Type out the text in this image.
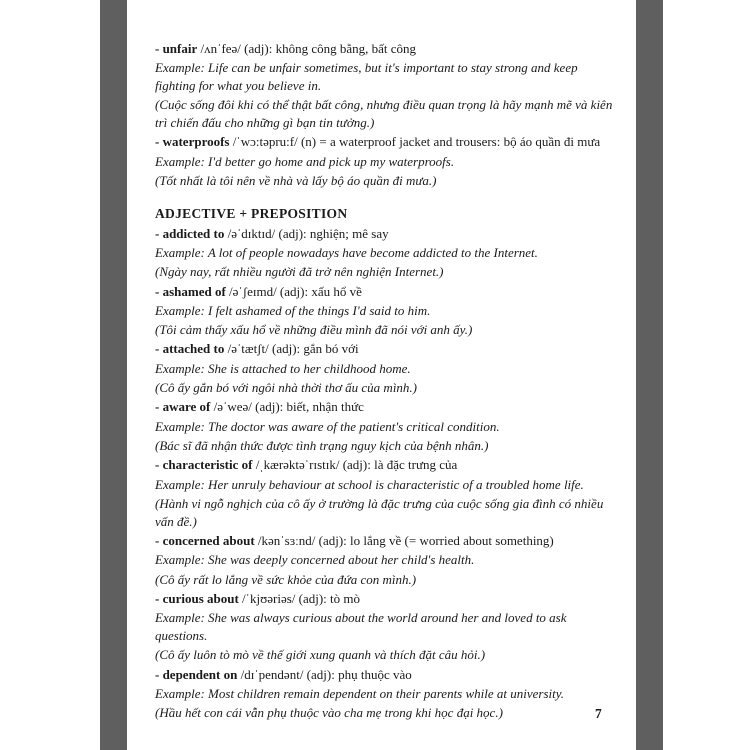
- unfair /ʌnˈfeə/ (adj): không công bằng, bất công
Example: Life can be unfair sometimes, but it's important to stay strong and keep fighting for what you believe in.
(Cuộc sống đôi khi có thể thật bất công, nhưng điều quan trọng là hãy mạnh mẽ và kiên trì chiến đấu cho những gì bạn tin tưởng.)
- waterproofs /ˈwɔ:təpru:f/ (n) = a waterproof jacket and trousers: bộ áo quần đi mưa
Example: I'd better go home and pick up my waterproofs.
(Tốt nhất là tôi nên về nhà và lấy bộ áo quần đi mưa.)
ADJECTIVE + PREPOSITION
- addicted to /əˈdɪktɪd/ (adj): nghiện; mê say
Example: A lot of people nowadays have become addicted to the Internet.
(Ngày nay, rất nhiều người đã trở nên nghiện Internet.)
- ashamed of /əˈʃeɪmd/ (adj): xấu hổ về
Example: I felt ashamed of the things I'd said to him.
(Tôi cảm thấy xấu hổ về những điều mình đã nói với anh ấy.)
- attached to /əˈtætʃt/ (adj): gắn bó với
Example: She is attached to her childhood home.
(Cô ấy gắn bó với ngôi nhà thời thơ ấu của mình.)
- aware of /əˈweə/ (adj): biết, nhận thức
Example: The doctor was aware of the patient's critical condition.
(Bác sĩ đã nhận thức được tình trạng nguy kịch của bệnh nhân.)
- characteristic of /ˌkærəktəˈrɪstɪk/ (adj): là đặc trưng của
Example: Her unruly behaviour at school is characteristic of a troubled home life.
(Hành vi ngỗ nghịch của cô ấy ở trường là đặc trưng của cuộc sống gia đình có nhiều vấn đề.)
- concerned about /kənˈsɜːnd/ (adj): lo lắng về (= worried about something)
Example: She was deeply concerned about her child's health.
(Cô ấy rất lo lắng về sức khỏe của đứa con mình.)
- curious about /ˈkjʊəriəs/ (adj): tò mò
Example: She was always curious about the world around her and loved to ask questions.
(Cô ấy luôn tò mò về thế giới xung quanh và thích đặt câu hỏi.)
- dependent on /dɪˈpendənt/ (adj): phụ thuộc vào
Example: Most children remain dependent on their parents while at university.
(Hầu hết con cái vẫn phụ thuộc vào cha mẹ trong khi học đại học.)	7
